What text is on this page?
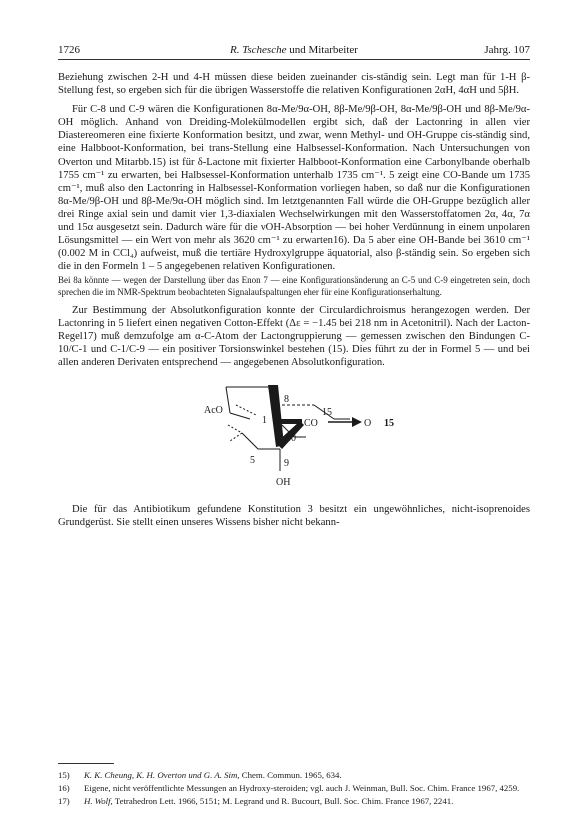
1726	R. Tschesche und Mitarbeiter	Jahrg. 107

Beziehung zwischen 2-H und 4-H müssen diese beiden zueinander cis-ständig sein. Legt man für 1-H β-Stellung fest, so ergeben sich für die übrigen Wasserstoffe die relativen Konfigurationen 2αH, 4αH und 5βH.

Für C-8 und C-9 wären die Konfigurationen 8α-Me/9α-OH, 8β-Me/9β-OH, 8α-Me/9β-OH und 8β-Me/9α-OH möglich. Anhand von Dreiding-Molekülmodellen ergibt sich, daß der Lactonring in allen vier Diastereomeren eine fixierte Konformation besitzt, und zwar, wenn Methyl- und OH-Gruppe cis-ständig sind, eine Halbboot-Konformation, bei trans-Stellung eine Halbsessel-Konformation. Nach Untersuchungen von Overton und Mitarbb.15) ist für δ-Lactone mit fixierter Halbboot-Konformation eine Carbonylbande oberhalb 1755 cm⁻¹ zu erwarten, bei Halbsessel-Konformation unterhalb 1735 cm⁻¹. 5 zeigt eine CO-Bande um 1735 cm⁻¹, muß also den Lactonring in Halbsessel-Konformation vorliegen haben, so daß nur die Konfigurationen 8α-Me/9β-OH und 8β-Me/9α-OH möglich sind. Im letztgenannten Fall würde die OH-Gruppe bezüglich aller drei Ringe axial sein und damit vier 1,3-diaxialen Wechselwirkungen mit den Wasserstoffatomen 2α, 4α, 7α und 15α ausgesetzt sein. Dadurch wäre für die νOH-Absorption — bei hoher Verdünnung in einem unpolaren Lösungsmittel — ein Wert von mehr als 3620 cm⁻¹ zu erwarten16). Da 5 aber eine OH-Bande bei 3610 cm⁻¹ (0.002 M in CCl₄) aufweist, muß die tertiäre Hydroxylgruppe äquatorial, also β-ständig sein. So ergeben sich die in den Formeln 1 – 5 angegebenen relativen Konfigurationen.

Bei 8a könnte — wegen der Darstellung über das Enon 7 — eine Konfigurationsänderung an C-5 und C-9 eingetreten sein, doch sprechen die im NMR-Spektrum beobachteten Signalaufspaltungen eher für eine Konfigurationserhaltung.

Zur Bestimmung der Absolutkonfiguration konnte der Circulardichroismus herangezogen werden. Der Lactonring in 5 liefert einen negativen Cotton-Effekt (Δε = −1.45 bei 218 nm in Acetonitril). Nach der Lacton-Regel17) muß demzufolge am α-C-Atom der Lactongruppierung — gemessen zwischen den Bindungen C-10/C-1 und C-1/C-9 — ein positiver Torsionswinkel bestehen (15). Dies führt zu der in Formel 5 — und bei allen anderen Derivaten entsprechend — angegebenen Absolutkonfiguration.

AcO
8
15
1	CO	O
10
5	9
OH
15

Die für das Antibiotikum gefundene Konstitution 3 besitzt ein ungewöhnliches, nicht-isoprenoides Grundgerüst. Sie stellt einen unseres Wissens bisher nicht bekann-

15) K. K. Cheung, K. H. Overton und G. A. Sim, Chem. Commun. 1965, 634.
16) Eigene, nicht veröffentlichte Messungen an Hydroxy-steroiden; vgl. auch J. Weinman, Bull. Soc. Chim. France 1967, 4259.
17) H. Wolf, Tetrahedron Lett. 1966, 5151; M. Legrand und R. Bucourt, Bull. Soc. Chim. France 1967, 2241.
